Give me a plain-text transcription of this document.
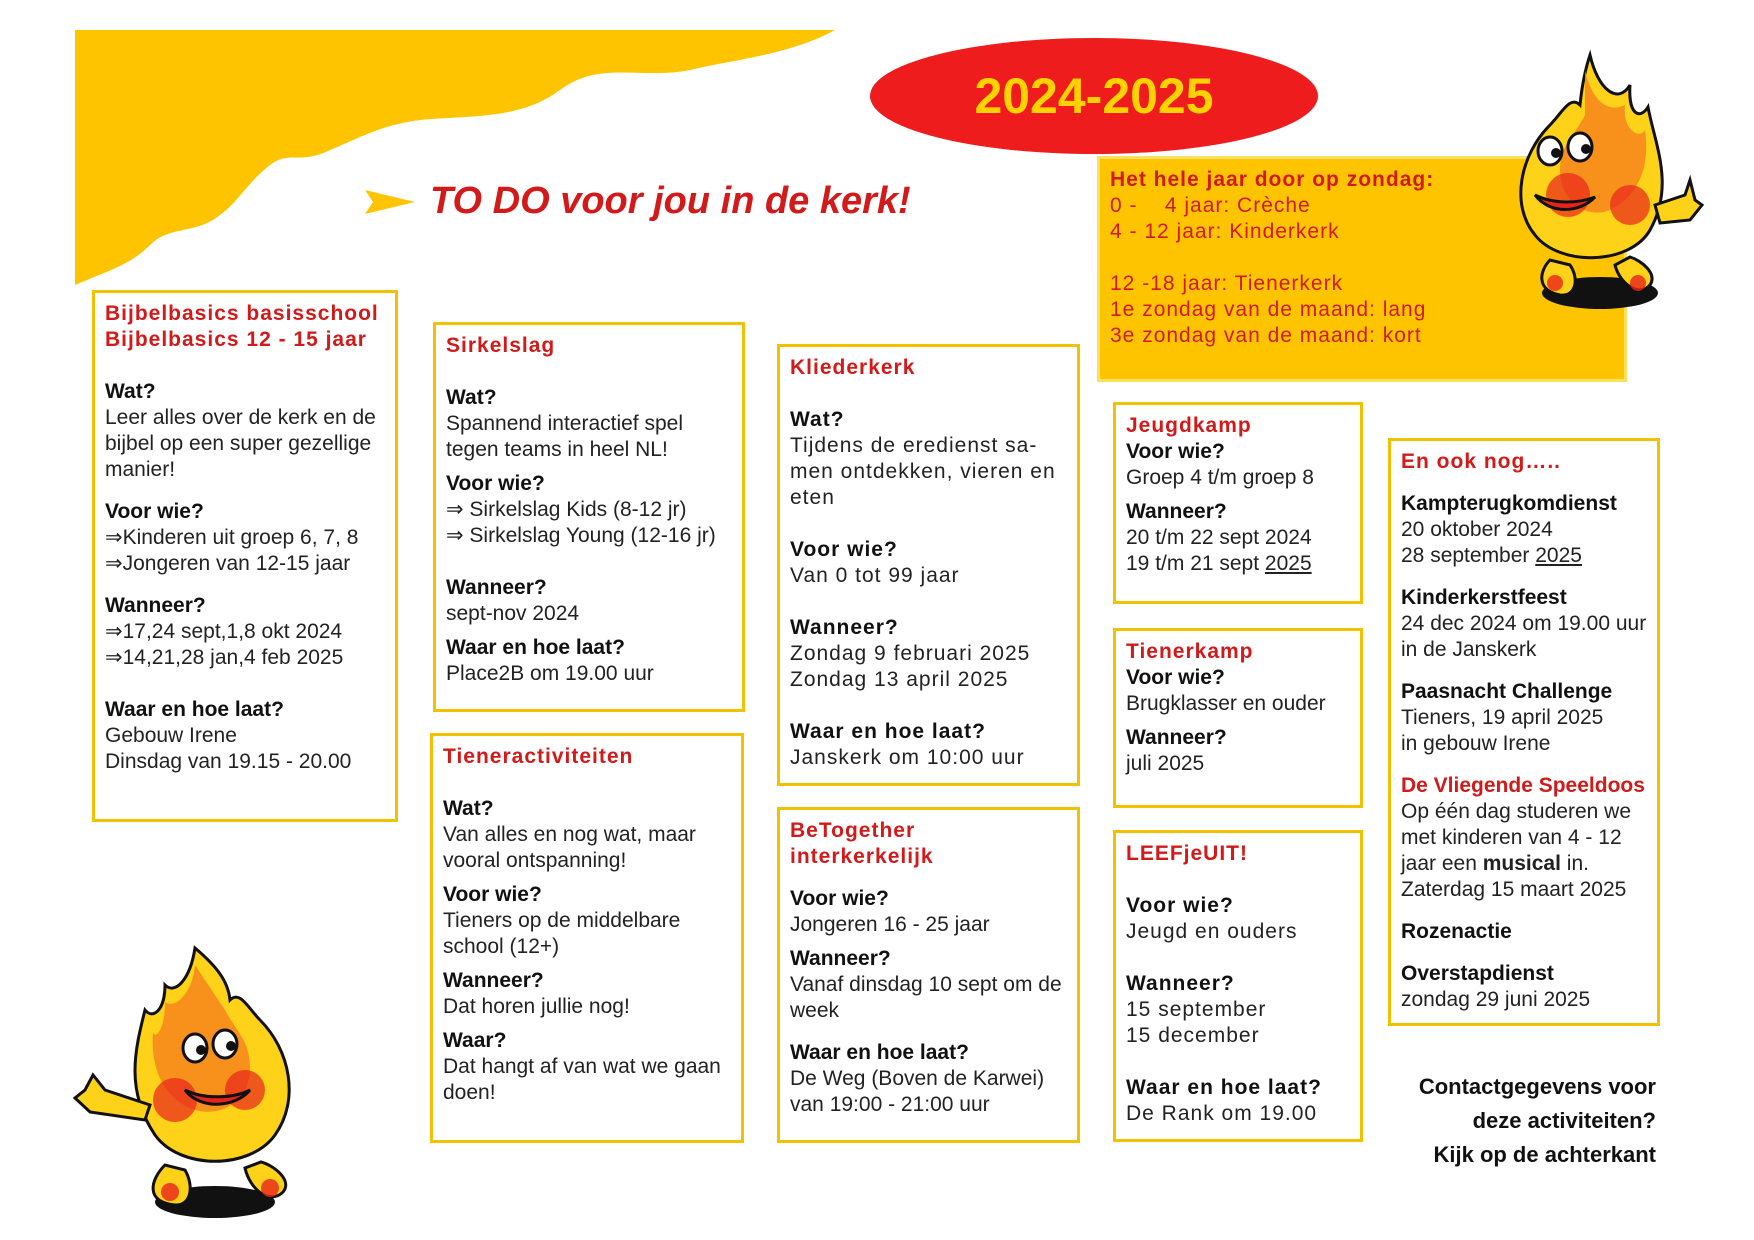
2024-2025
TO DO voor jou in de kerk!
Het hele jaar door op zondag:
0 -    4 jaar: Crèche
4 - 12 jaar: Kinderkerk
12 -18 jaar: Tienerkerk
1e zondag van de maand: lang
3e zondag van de maand: kort
Bijbelbasics basisschool
Bijbelbasics 12 - 15 jaar
Wat?
Leer alles over de kerk en de bijbel op een super gezellige manier!
Voor wie?
⇒Kinderen uit groep 6, 7, 8
⇒Jongeren van 12-15 jaar
Wanneer?
⇒17,24 sept,1,8 okt 2024
⇒14,21,28 jan,4 feb 2025
Waar en hoe laat?
Gebouw Irene
Dinsdag van 19.15 - 20.00
Sirkelslag
Wat?
Spannend interactief spel tegen teams in heel NL!
Voor wie?
⇒ Sirkelslag Kids (8-12 jr)
⇒ Sirkelslag Young (12-16 jr)
Wanneer?
sept-nov 2024
Waar en hoe laat?
Place2B om 19.00 uur
Tieneractiviteiten
Wat?
Van alles en nog wat, maar vooral ontspanning!
Voor wie?
Tieners op de middelbare school (12+)
Wanneer?
Dat horen jullie nog!
Waar?
Dat hangt af van wat we gaan doen!
Kliederkerk
Wat?
Tijdens de eredienst sa-men ontdekken, vieren en eten
Voor wie?
Van 0 tot 99 jaar
Wanneer?
Zondag 9 februari 2025
Zondag 13 april 2025
Waar en hoe laat?
Janskerk om 10:00 uur
BeTogether
interkerkelijk
Voor wie?
Jongeren 16 - 25 jaar
Wanneer?
Vanaf dinsdag 10 sept om de week
Waar en hoe laat?
De Weg (Boven de Karwei)
van 19:00 - 21:00 uur
Jeugdkamp
Voor wie?
Groep 4 t/m groep 8
Wanneer?
20 t/m 22 sept 2024
19 t/m 21 sept 2025
Tienerkamp
Voor wie?
Brugklasser en ouder
Wanneer?
juli 2025
LEEFjeUIT!
Voor wie?
Jeugd en ouders
Wanneer?
15 september
15 december
Waar en hoe laat?
De Rank om 19.00
En ook nog…..
Kampterugkomdienst
20 oktober 2024
28 september 2025
Kinderkerstfeest
24 dec 2024 om 19.00 uur in de Janskerk
Paasnacht Challenge
Tieners, 19 april 2025
in gebouw Irene
De Vliegende Speeldoos
Op één dag studeren we met kinderen van 4 - 12 jaar een musical in.
Zaterdag 15 maart 2025
Rozenactie
Overstapdienst
zondag 29 juni 2025
Contactgegevens voor
deze activiteiten?
Kijk op de achterkant
